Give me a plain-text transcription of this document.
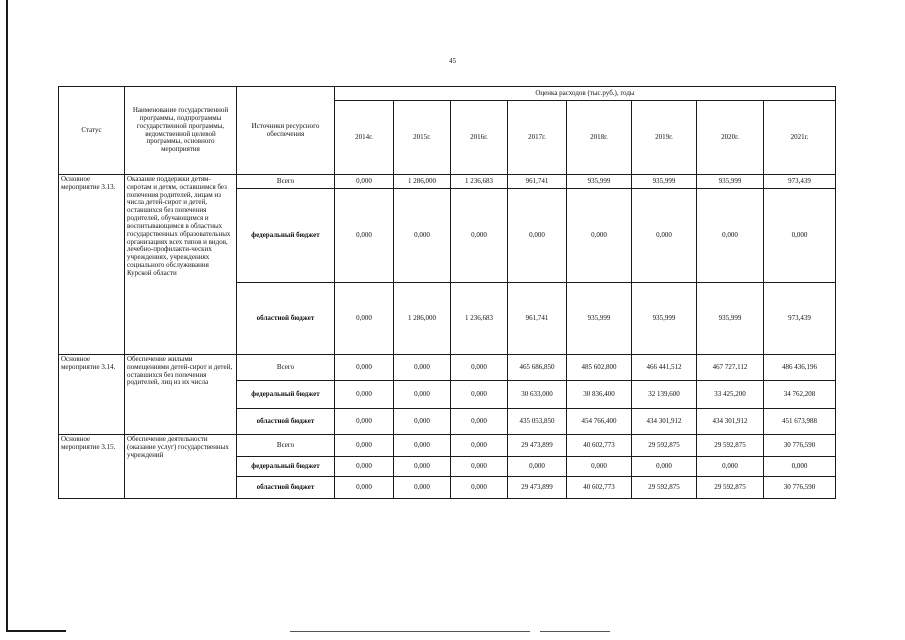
45
Статус	Наименование государственной программы, подпрограммы государственной программы, ведомственной целевой программы, основного мероприятия	Источники ресурсного обеспечения	Оценка расходов (тыс.руб.), годы							
			2014г.	2015г.	2016г.	2017г.	2018г.	2019г.	2020г.	2021г.
Основное мероприятие 3.13.	Оказание поддержки детям-сиротам и детям, оставшимся без попечения родителей, лицам из числа детей-сирот и детей, оставшихся без попечения родителей, обучающимся и воспитывающимся в областных государственных образовательных организациях всех типов и видов, лечебно-профилакти-ческих учреждениях, учреждениях социального обслуживания Курской области	Всего	0,000	1 286,000	1 236,683	961,741	935,999	935,999	935,999	973,439
		федеральный бюджет	0,000	0,000	0,000	0,000	0,000	0,000	0,000	0,000
		областной бюджет	0,000	1 286,000	1 236,683	961,741	935,999	935,999	935,999	973,439
Основное мероприятие 3.14.	Обеспечение жилыми помещениями детей-сирот и детей, оставшихся без попечения родителей, лиц из их числа	Всего	0,000	0,000	0,000	465 686,850	485 602,800	466 441,512	467 727,112	486 436,196
		федеральный бюджет	0,000	0,000	0,000	30 633,000	30 836,400	32 139,600	33 425,200	34 762,208
		областной бюджет	0,000	0,000	0,000	435 053,850	454 766,400	434 301,912	434 301,912	451 673,988
Основное мероприятие 3.15.	Обеспечение деятельности (оказание услуг) государственных учреждений	Всего	0,000	0,000	0,000	29 473,899	40 602,773	29 592,875	29 592,875	30 776,590
		федеральный бюджет	0,000	0,000	0,000	0,000	0,000	0,000	0,000	0,000
		областной бюджет	0,000	0,000	0,000	29 473,899	40 602,773	29 592,875	29 592,875	30 776,590
